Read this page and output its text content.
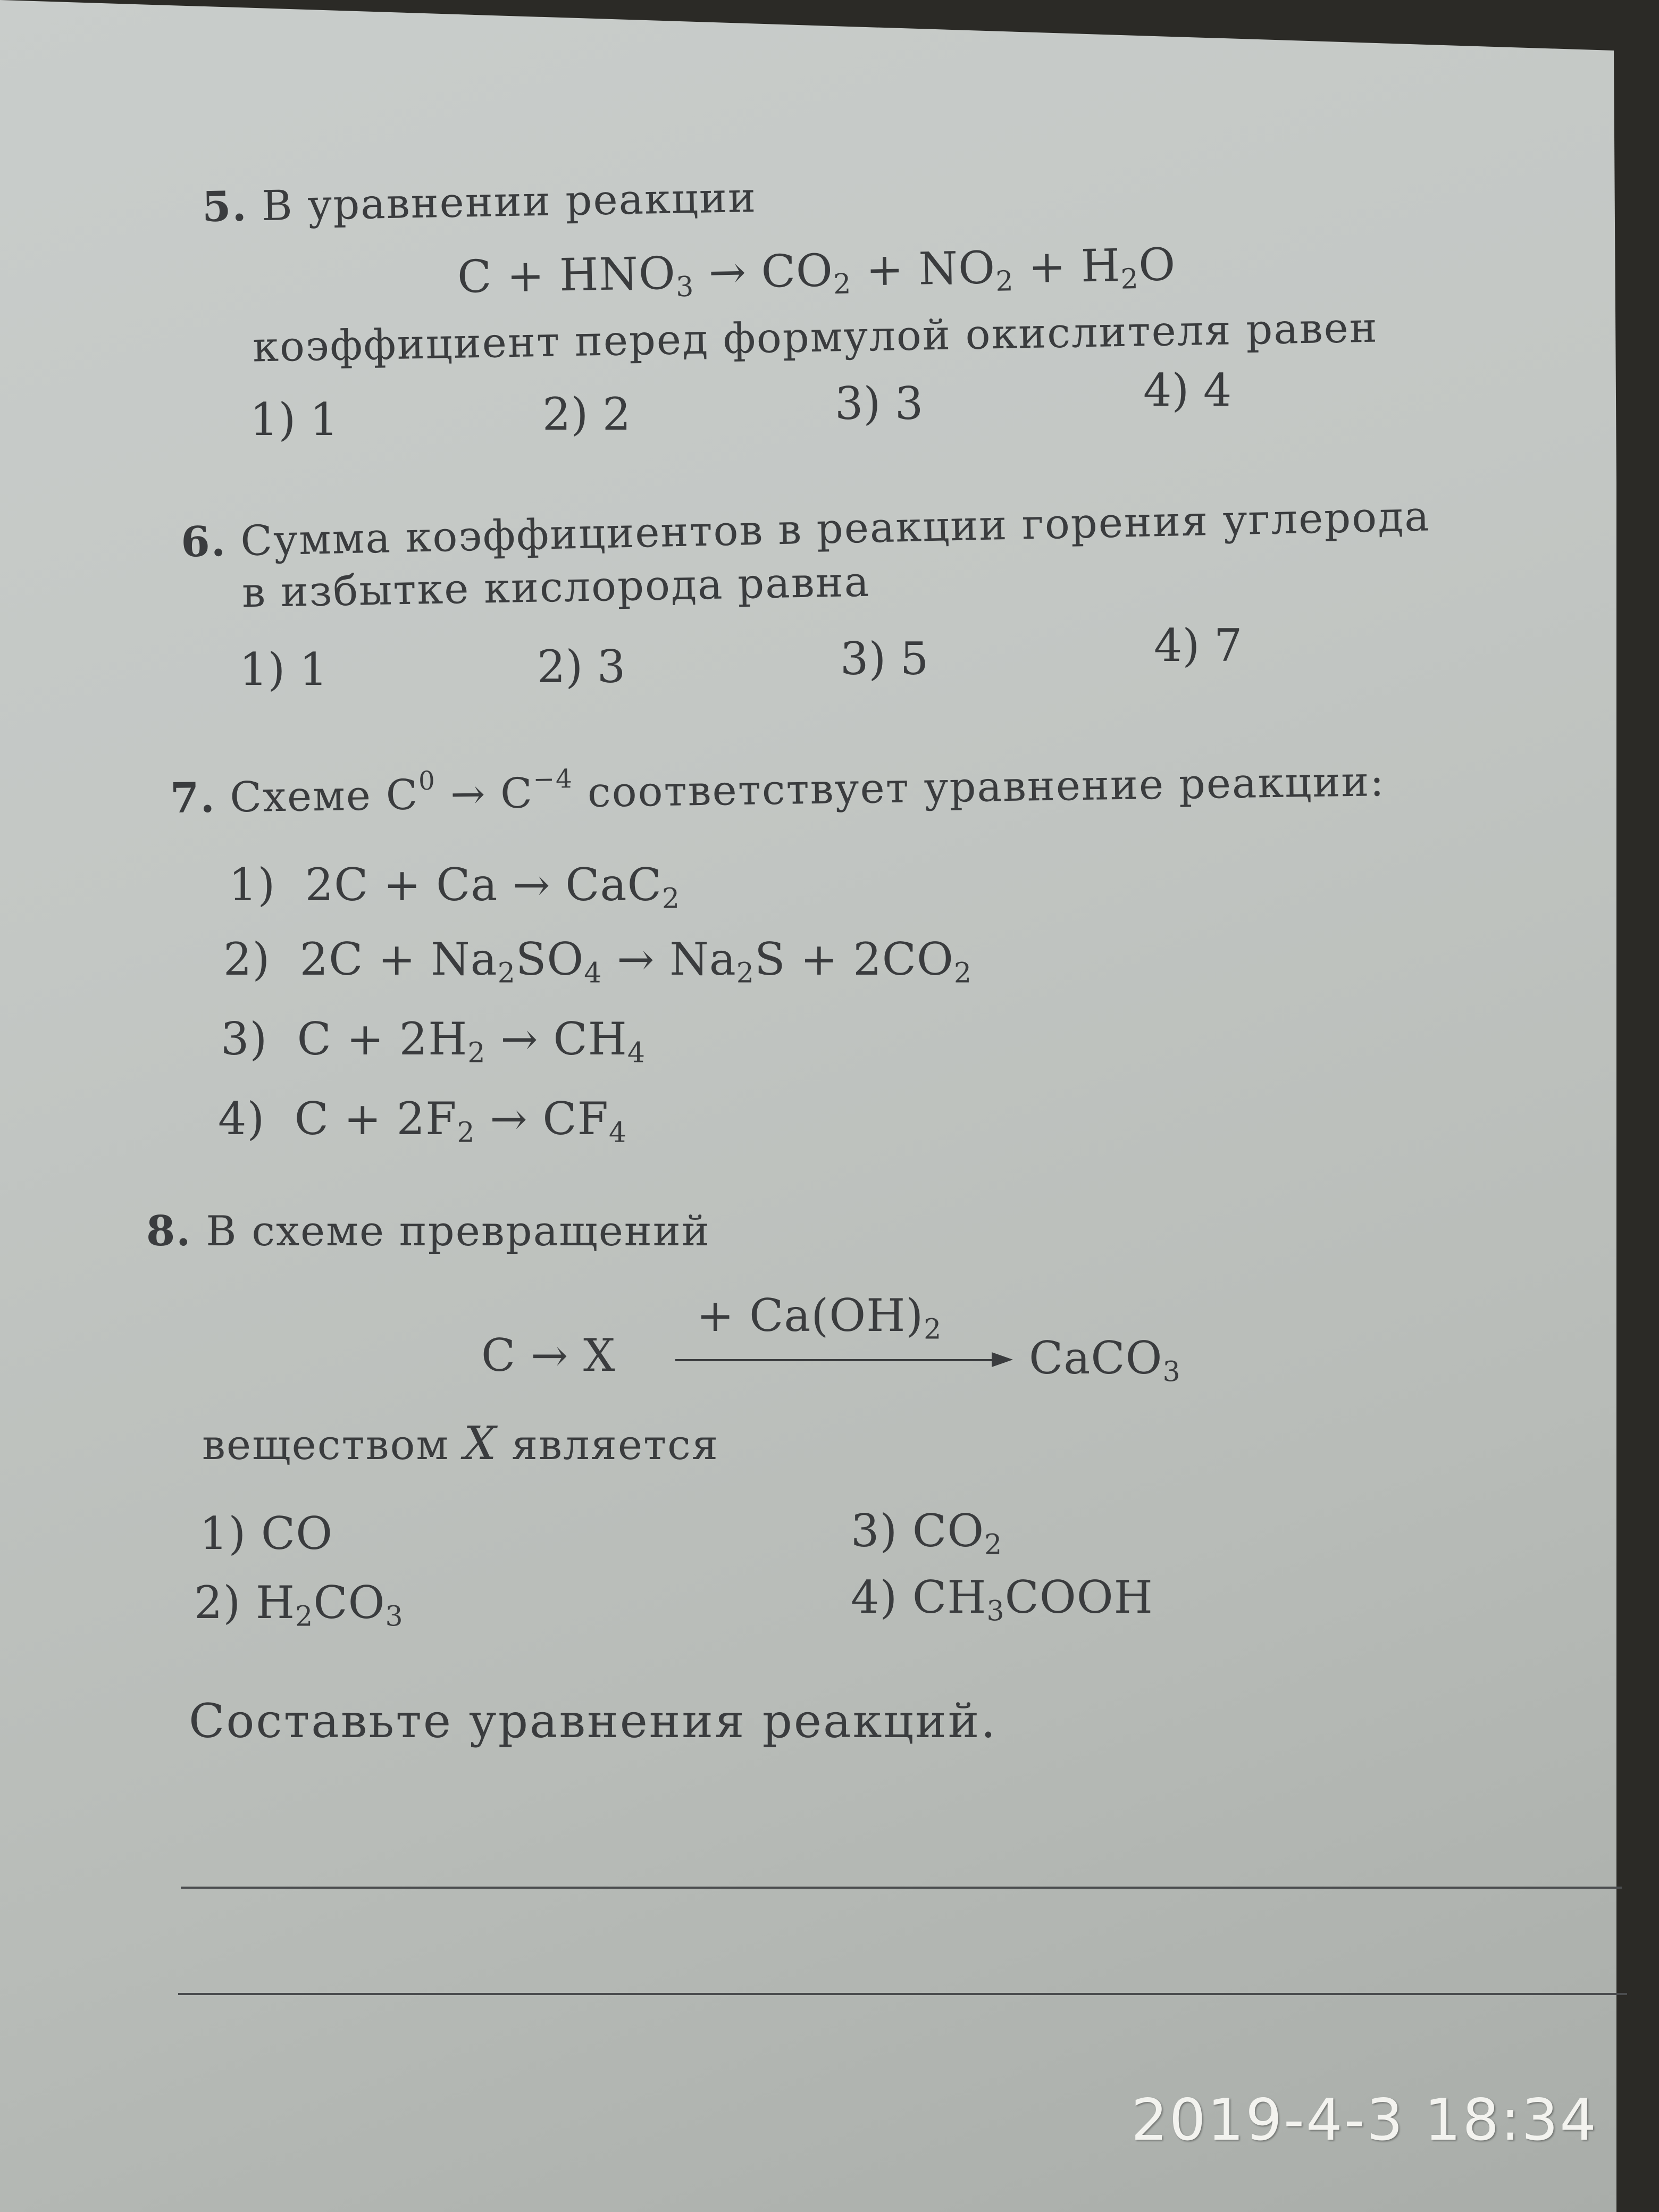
5. В уравнении реакции
$C + HNO_3 \to CO_2 + NO_2 + H_2O$
коэффициент перед формулой окислителя равен
1) 1	2) 2	3) 3	4) 4
6. Сумма коэффициентов в реакции горения углерода
в избытке кислорода равна
1) 1	2) 3	3) 5	4) 7
7. Схеме $C^0 \to C^{-4}$ соответствует уравнение реакции:
1) 2C + Ca → CaC$_2$
2) $2C + Na_2SO_4 \to Na_2S + 2CO_2$
3) $C + 2H_2 \to CH_4$
4) $C + 2F_2 \to CF_4$
8. В схеме превращений
C → X
+ $Ca(OH)_2$
CaCO$_3$
веществом X является
1) CO
2) $H_2CO_3$
3) $CO_2$
4) $CH_3COOH$
Составьте уравнения реакций.
2019-4-3 18:34
